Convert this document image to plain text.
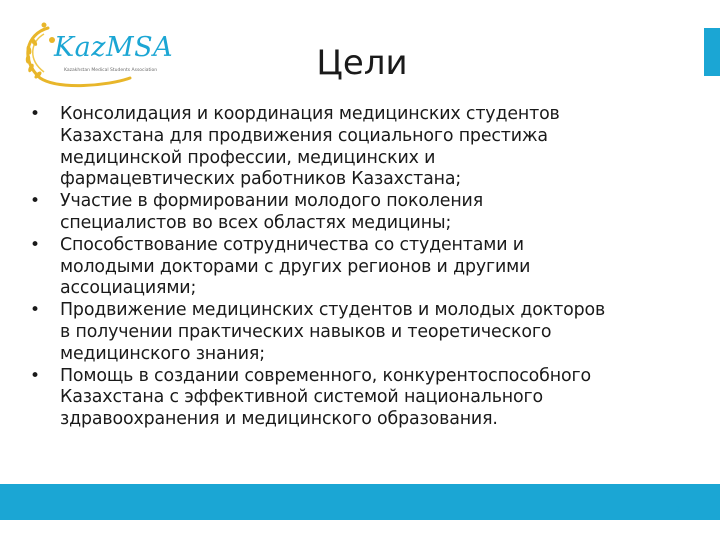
KazMSA
Kazakhstan Medical Students Association	Цели
•	Консолидация и координация медицинских студентов
Казахстана для продвижения социального престижа
медицинской профессии, медицинских и
фармацевтических работников Казахстана;
•	Участие в формировании молодого поколения
специалистов во всех областях медицины;
•	Способствование сотрудничества со студентами и
молодыми докторами с других регионов и другими
ассоциациями;
•	Продвижение медицинских студентов и молодых докторов
в получении практических навыков и теоретического
медицинского знания;
•	Помощь в создании современного, конкурентоспособного
Казахстана с эффективной системой национального
здравоохранения и медицинского образования.
2
